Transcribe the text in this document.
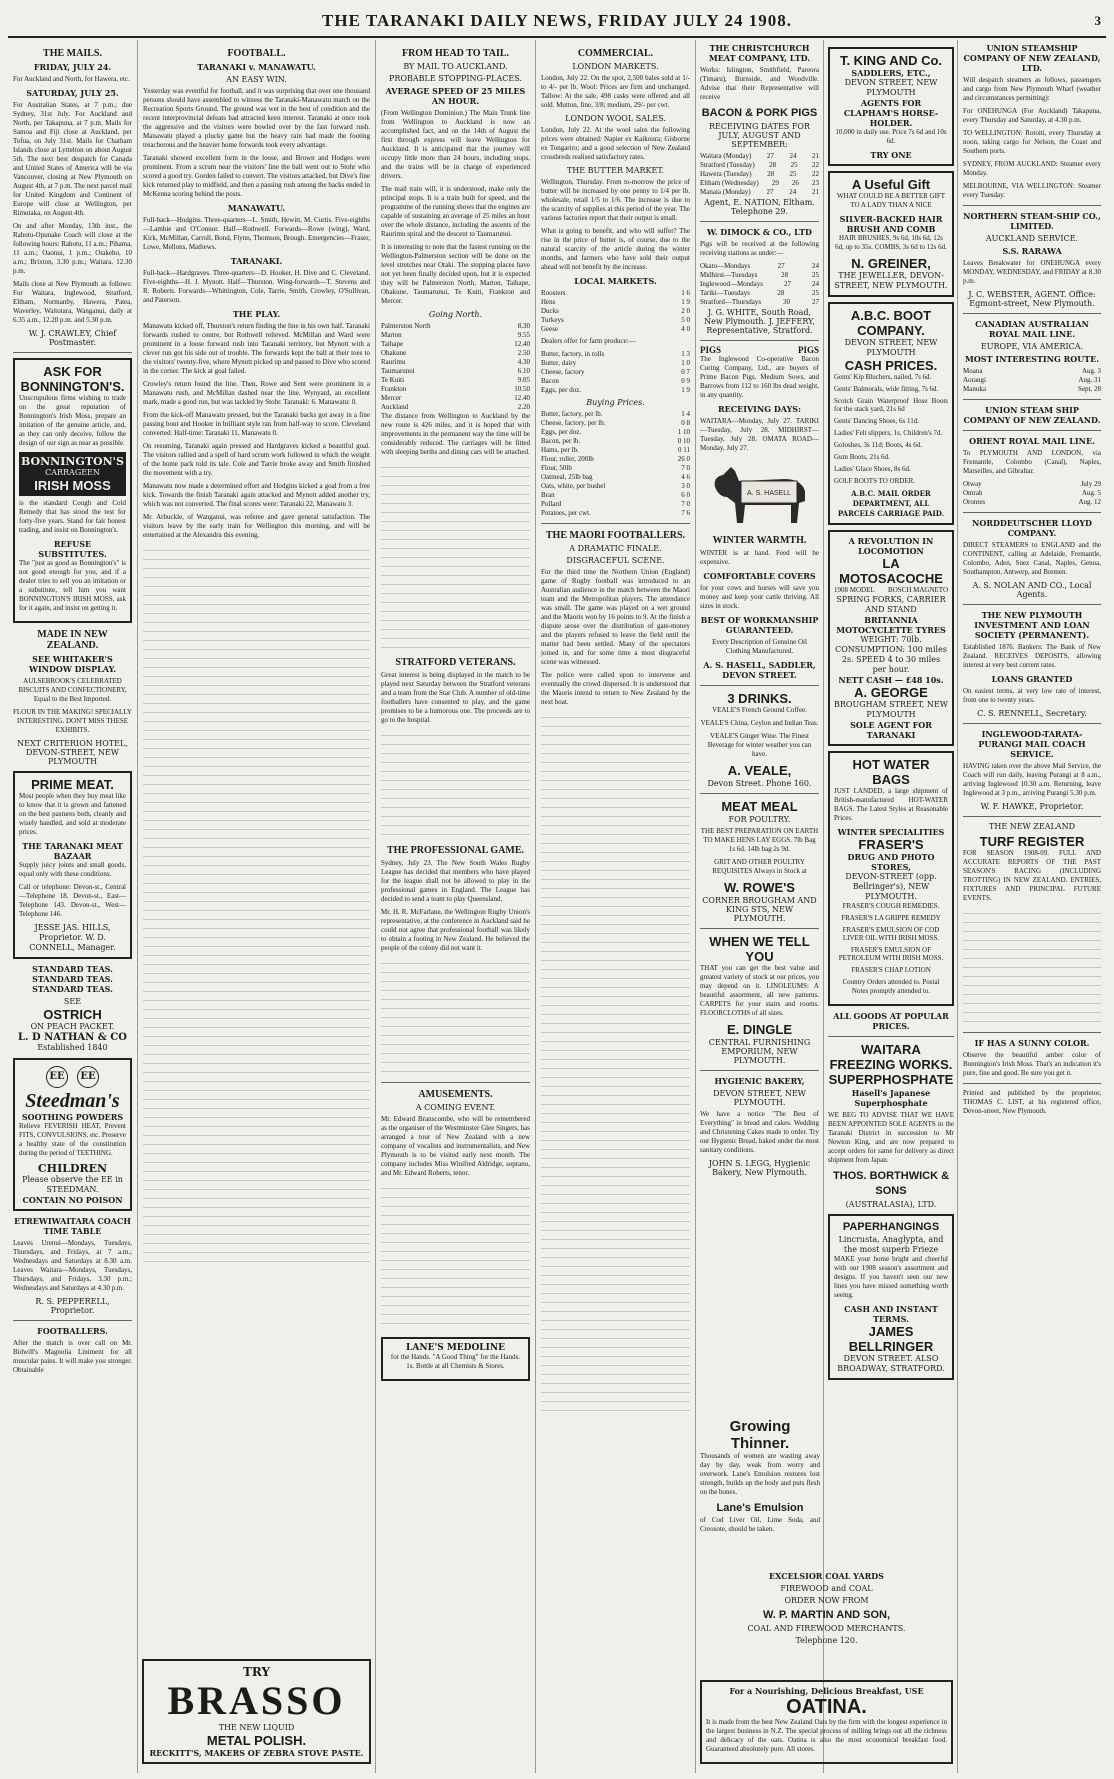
THE TARANAKI DAILY NEWS, FRIDAY JULY 24 1908.	3
THE MAILS.
FRIDAY, JULY 24.

For Auckland and North, for Hawera, etc.

SATURDAY, JULY 25.

For Australian States, at 7 p.m.; due Sydney, 31st July. For Auckland and North, per Takapuna, at 7 p.m. Mails for Samoa and Fiji close at Auckland, per Tofua, on July 31st. Mails for Chatham Islands close at Lyttelton on about August 5th. The next best despatch for Canada and United States of America will be via Vancouver, closing at New Plymouth on August 4th, at 7 p.m. The next parcel mail for United Kingdom and Continent of Europe will close at Wellington, per Rimutaka, on August 4th.

On and after Monday, 13th inst., the Rahotu-Opunake Coach will close at the following hours: Rahotu, 11 a.m.; Pihama, 11 a.m.; Oaonui, 1 p.m.; Otakeho, 10 a.m.; Brixton, 3.30 p.m.; Waitara, 12.30 p.m.

Mails close at New Plymouth as follows: For Waitara, Inglewood, Stratford, Eltham, Normanby, Hawera, Patea, Waverley, Waitotara, Wanganui, daily at 6.35 a.m., 12.20 p.m. and 5.30 p.m.

W. J. CRAWLEY, Chief Postmaster.
ASK FOR BONNINGTON'S.

Unscrupulous firms wishing to trade on the great reputation of Bonnington's Irish Moss, prepare an imitation of the genuine article, and, as they can only deceive, follow the design of our sign as near as possible.

BONNINGTON'S
CARRAGEEN
IRISH MOSS

is the standard Cough and Cold Remedy that has stood the test for forty-five years. Stand for fair honest trading, and insist on Bonnington's.

REFUSE SUBSTITUTES.

The "just as good as Bonnington's" is not good enough for you, and if a dealer tries to sell you an imitation or a substitute, tell him you want BONNINGTON'S IRISH MOSS, ask for it again, and insist on getting it.

MADE IN NEW ZEALAND.
SEE WHITAKER'S WINDOW DISPLAY.

AULSEBROOK'S CELEBRATED BISCUITS AND CONFECTIONERY, Equal to the Best Imported.

FLOUR IN THE MAKING! SPECIALLY INTERESTING. DON'T MISS THESE EXHIBITS.

NEXT CRITERION HOTEL, DEVON-STREET, NEW PLYMOUTH
PRIME MEAT.

Most people when they buy meat like to know that it is grown and fattened on the best pastures both, cleanly and wisely handled, and sold at moderate prices.

THE TARANAKI MEAT BAZAAR

Supply juicy joints and small goods, equal only with these conditions.

Call or telephone: Devon-st., Central—Telephone 18. Devon-st., East—Telephone 143. Devon-st., West—Telephone 146.

JESSE JAS. HILLS, Proprietor. W. D. CONNELL, Manager.
STANDARD TEAS. STANDARD TEAS. STANDARD TEAS.
SEE
OSTRICH
ON PEACH PACKET.
L. D NATHAN & CO
Established 1840
EE EE
Steedman's
SOOTHING POWDERS

Relieve FEVERISH HEAT, Prevent FITS, CONVULSIONS, etc. Preserve a healthy state of the constitution during the period of TEETHING.

CHILDREN
Please observe the EE in STEEDMAN.
CONTAIN NO POISON
ETREWIWAITARA COACH TIME TABLE

Leaves Urenui—Mondays, Tuesdays, Thursdays, and Fridays, at 7 a.m.; Wednesdays and Saturdays at 8.30 a.m. Leaves Waitara—Mondays, Tuesdays, Thursdays, and Fridays, 3.30 p.m.; Wednesdays and Saturdays at 4.30 p.m.

R. S. PEPPERELL, Proprietor.
FOOTBALLERS.

After the match is over call on Mr. Bidwill's Magnolia Liniment for all muscular pains. It will make you stronger. Obtainable

FOOTBALL.
TARANAKI v. MANAWATU.
AN EASY WIN.

Yesterday was eventful for football, and it was surprising that over one thousand persons should have assembled to witness the Taranaki-Manawatu match on the Recreation Sports Ground. The ground was wet in the best of condition and the recent interprovincial defeats had attracted keen interest. Taranaki at once took the aggressive and the visitors were bowled over by the fast forward rush. Manawatu played a plucky game but the heavy rain had made the footing treacherous and the heavier home forwards took every advantage.

Taranaki showed excellent form in the loose, and Brown and Hodges were prominent. From a scrum near the visitors' line the ball went out to Stohr who scored a good try. Gorden failed to convert. The visitors attacked, but Dive's fine kick returned play to midfield, and then a passing rush among the backs ended in McKenna scoring behind the posts.

MANAWATU.

Full-back—Hodgins. Three-quarters—L. Smith, Hewitt, M. Curtis. Five-eighths—Lambie and O'Connor. Half—Rothwell. Forwards—Rowe (wing), Ward, Kirk, McMillan, Carroll, Bond, Flynn, Thomson, Brough. Emergencies—Fraser, Lowe, Mellons, Mathews.

TARANAKI.

Full-back—Hardgraves. Three-quarters—D. Hooker, H. Dive and C. Cleveland. Five-eighths—H. J. Mynott. Half—Thurston. Wing-forwards—T. Stevens and R. Roberts. Forwards—Whittington, Cole, Tarrie, Smith, Crowley, O'Sullivan, and Paterson.

THE PLAY.

Manawatu kicked off, Thurston's return finding the line in his own half. Taranaki forwards rushed to centre, but Rothwell relieved. McMillan and Ward were prominent in a loose forward rush into Taranaki territory, but Mynott with a clever run got his side out of trouble. The forwards kept the ball at their toes to the visitors' twenty-five, where Mynott picked up and passed to Dive who scored in the corner. The kick at goal failed.

Crowley's return found the line. Then, Rowe and Sent were prominent in a Manawatu rush, and McMillan dashed near the line. Wynyard, an excellent mark, made a good run, but was tackled by Stohr. Taranaki: 6. Manawatu: 0.

From the kick-off Manawatu pressed, but the Taranaki backs got away in a fine passing bout and Hooker in brilliant style ran from half-way to score. Cleveland converted. Half-time: Taranaki 11, Manawatu 0.

On resuming, Taranaki again pressed and Hardgraves kicked a beautiful goal. The visitors rallied and a spell of hard scrum work followed in which the weight of the home pack told its tale. Cole and Tarrie broke away and Smith finished the movement with a try.

Manawatu now made a determined effort and Hodgins kicked a goal from a free kick. Towards the finish Taranaki again attacked and Mynott added another try, which was not converted. The final scores were: Taranaki 22, Manawatu 3.

Mr. Arbuckle, of Wanganui, was referee and gave general satisfaction. The visitors leave by the early train for Wellington this morning, and will be entertained at the Alexandra this evening.

TRY
BRASSO
THE NEW LIQUID
METAL POLISH.
RECKITT'S, MAKERS OF ZEBRA STOVE PASTE.
FROM HEAD TO TAIL.
BY MAIL TO AUCKLAND.
PROBABLE STOPPING-PLACES.
AVERAGE SPEED OF 25 MILES AN HOUR.

(From Wellington Dominion.) The Main Trunk line from Wellington to Auckland is now an accomplished fact, and on the 14th of August the first through express will leave Wellington for Auckland. It is anticipated that the journey will occupy little more than 24 hours, including stops, and the trains will be in charge of experienced drivers.

The mail train will, it is understood, make only the principal stops. It is a train built for speed, and the programme of the running shows that the engines are capable of sustaining an average of 25 miles an hour over the whole distance, including the ascents of the Raurimu spiral and the descent to Taumarunui.

It is interesting to note that the fastest running on the Wellington-Palmerston section will be done on the level stretches near Otaki. The stopping places have not yet been finally decided upon, but it is expected they will be Palmerston North, Marton, Taihape, Ohakune, Taumarunui, Te Kuiti, Frankton and Mercer.

Going North.
Palmerston North	8.30
Marton	9.55
Taihape	12.40
Ohakune	2.50
Raurimu	4.30
Taumarunui	6.10
Te Kuiti	9.05
Frankton	10.50
Mercer	12.40
Auckland	2.20

The distance from Wellington to Auckland by the new route is 426 miles, and it is hoped that with improvements in the permanent way the time will be considerably reduced. The carriages will be fitted with sleeping berths and dining cars will be attached.

STRATFORD VETERANS.

Great interest is being displayed in the match to be played next Saturday between the Stratford veterans and a team from the Star Club. A number of old-time footballers have consented to play, and the game promises to be a humorous one. The proceeds are to go to the hospital.

THE PROFESSIONAL GAME.

Sydney, July 23. The New South Wales Rugby League has decided that members who have played for the league shall not be allowed to play in the professional games in England. The League has decided to send a team to play Queensland.

Mr. H. R. McFarlane, the Wellington Rugby Union's representative, at the conference in Auckland said he could not agree that professional football was likely to obtain a footing in New Zealand. He believed the people of the colony did not want it.

AMUSEMENTS.
A COMING EVENT.

Mr. Edward Branscombe, who will be remembered as the organiser of the Westminster Glee Singers, has arranged a tour of New Zealand with a new company of vocalists and instrumentalists, and New Plymouth is to be visited early next month. The company includes Miss Winifred Aldridge, soprano, and Mr. Edward Roberts, tenor.

LANE'S MEDOLINE

for the Hands. "A Good Thing" for the Hands. 1s. Bottle at all Chemists & Stores.

COMMERCIAL.
LONDON MARKETS.

London, July 22. On the spot, 2,500 bales sold at 1/- to 4/- per lb. Wool: Prices are firm and unchanged. Tallow: At the sale, 498 casks were offered and all sold. Mutton, fine, 3/8; medium, 29/- per cwt.

LONDON WOOL SALES.

London, July 22. At the wool sales the following prices were obtained: Napier ex Kaikoura; Gisborne ex Tongariro; and a good selection of New Zealand crossbreds realised satisfactory rates.

THE BUTTER MARKET.

Wellington, Thursday. From to-morrow the price of butter will be increased by one penny to 1/4 per lb. wholesale, retail 1/5 to 1/6. The increase is due to the scarcity of supplies at this period of the year. The various factories report that their output is small.

What is going to benefit, and who will suffer? The rise in the price of butter is, of course, due to the natural scarcity of the article during the winter months, and farmers who have sold their output ahead will not benefit by the increase.

LOCAL MARKETS.
Roosters	1 6
Hens	1 9
Ducks	2 0
Turkeys	5 0
Geese	4 0

Dealers offer for farm produce:—

Butter, factory, in rolls	1 3
Butter, dairy	1 0
Cheese, factory	0 7
Bacon	0 9
Eggs, per doz.	1 9
Buying Prices.
Butter, factory, per lb.	1 4
Cheese, factory, per lb.	0 8
Eggs, per doz.	1 10
Bacon, per lb.	0 10
Hams, per lb.	0 11
Flour, roller, 200lb	26 0
Flour, 50lb	7 0
Oatmeal, 25lb bag	4 6
Oats, white, per bushel	3 0
Bran	6 0
Pollard	7 0
Potatoes, per cwt.	7 6
THE MAORI FOOTBALLERS.
A DRAMATIC FINALE.
DISGRACEFUL SCENE.

For the third time the Northern Union (England) game of Rugby football was introduced to an Australian audience in the match between the Maori team and the Metropolitan players. The attendance was small. The game was played on a wet ground and the Maoris won by 16 points to 9. At the finish a dispute arose over the distribution of gate-money and the players refused to leave the field until the matter had been settled. Many of the spectators joined in, and for some time a most disgraceful scene was witnessed.

The police were called upon to intervene and eventually the crowd dispersed. It is understood that the Maoris intend to return to New Zealand by the next boat.

THE CHRISTCHURCH MEAT COMPANY, LTD.

Works: Islington, Smithfield, Pareora (Timaru), Burnside, and Woodville. Advise that their Representative will receive

BACON & PORK PIGS
RECEIVING DATES FOR JULY, AUGUST AND SEPTEMBER:
Waitara (Monday) 27 24 21
Stratford (Tuesday) 28 25 22
Hawera (Tuesday) 28 25 22
Eltham (Wednesday) 29 26 23
Manaia (Monday) 27 24 21
Agent, E. NATION, Eltham. Telephone 29.
W. DIMOCK & CO., LTD

Pigs will be received at the following receiving stations as under:—

Okato—Mondays	27	24
Midhirst—Tuesdays	28	25
Inglewood—Mondays	27	24
Tariki—Tuesdays	28	25
Stratford—Thursdays	30	27
J. G. WHITE, South Road, New Plymouth. J. JEFFERY, Representative, Stratford.
PIGS	PIGS

The Inglewood Co-operative Bacon Curing Company, Ltd., are buyers of Prime Bacon Pigs, Medium Sows, and Barrows from 112 to 160 lbs dead weight, in any quantity.

RECEIVING DAYS:

WAITARA—Monday, July 27. TARIKI—Tuesday, July 28. MIDHIRST—Tuesday, July 28. OMATA ROAD—Monday, July 27.

A. S. HASELL
WINTER WARMTH.

WINTER is at hand. Feed will be expensive.

COMFORTABLE COVERS

for your cows and horses will save you money and keep your cattle thriving. All sizes in stock.

BEST OF WORKMANSHIP GUARANTEED.

Every Description of Genuine Oil Clothing Manufactured.

A. S. HASELL, SADDLER, DEVON STREET.
3 DRINKS.

VEALE'S French Ground Coffee.

VEALE'S China, Ceylon and Indian Teas.

VEALE'S Ginger Wine. The Finest Beverage for winter weather you can have.

A. VEALE,
Devon Street. Phone 160.
MEAT MEAL
FOR POULTRY.

THE BEST PREPARATION ON EARTH TO MAKE HENS LAY EGGS. 7lb Bag 1s 6d. 14lb bag 2s 9d.

GRIT AND OTHER POULTRY REQUISITES Always in Stock at

W. ROWE'S
CORNER BROUGHAM AND KING STS, NEW PLYMOUTH.
WHEN WE TELL YOU

THAT you can get the best value and greatest variety of stock at our prices, you may depend on it. LINOLEUMS: A beautiful assortment, all new patterns. CARPETS for your stairs and rooms. FLOORCLOTHS of all sizes.

E. DINGLE
CENTRAL FURNISHING EMPORIUM, NEW PLYMOUTH.
HYGIENIC BAKERY,
DEVON STREET, NEW PLYMOUTH.

We have a notice "The Best of Everything" in bread and cakes. Wedding and Christening Cakes made to order. Try our Hygienic Bread, baked under the most sanitary conditions.

JOHN S. LEGG, Hygienic Bakery, New Plymouth.
T. KING AND Co.
SADDLERS, ETC.,
DEVON STREET, NEW PLYMOUTH
AGENTS FOR CLAPHAM'S HORSE-HOLDER.

10,000 in daily use. Price 7s 6d and 10s 6d.

TRY ONE
A Useful Gift

WHAT COULD BE A BETTER GIFT TO A LADY THAN A NICE

SILVER-BACKED HAIR BRUSH AND COMB

HAIR BRUSHES, 9s 6d, 10s 6d, 12s 6d, up to 35s. COMBS, 3s 6d to 12s 6d.

N. GREINER,
THE JEWELLER, DEVON-STREET, NEW PLYMOUTH.
A.B.C. BOOT COMPANY.
DEVON STREET, NEW PLYMOUTH
CASH PRICES.

Gents' Kip Bluchers, nailed, 7s 6d.

Gents' Balmorals, wide fitting, 7s 6d.

Scotch Grain Waterproof Hose Boots for the stack yard, 21s 6d

Gents' Dancing Shoes, 6s 11d.

Ladies' Felt slippers, 1s. Children's 7d.

Goloshes, 3s 11d; Boots, 4s 6d.

Gum Boots, 21s 6d.

Ladies' Glace Shoes, 8s 6d.

GOLF BOOTS TO ORDER.

A.B.C. MAIL ORDER DEPARTMENT, ALL PARCELS CARRIAGE PAID.
A REVOLUTION IN LOCOMOTION
LA MOTOSACOCHE
1908 MODEL BOSCH MAGNETO
SPRING FORKS, CARRIER AND STAND
BRITANNIA MOTOCYCLETTE TYRES
WEIGHT: 70lb.
CONSUMPTION: 100 miles 2s. SPEED 4 to 30 miles per hour.
NETT CASH — £48 10s.
A. GEORGE
BROUGHAM STREET, NEW PLYMOUTH
SOLE AGENT FOR TARANAKI
HOT WATER BAGS

JUST LANDED, a large shipment of British-manufactured HOT-WATER BAGS. The Latest Styles at Reasonable Prices.

WINTER SPECIALITIES
FRASER'S
DRUG AND PHOTO STORES,
DEVON-STREET (opp. Bellringer's), NEW PLYMOUTH.

FRASER'S COUGH REMEDIES.

FRASER'S LA GRIPPE REMEDY

FRASER'S EMULSION OF COD LIVER OIL WITH IRISH MOSS.

FRASER'S EMULSION OF PETROLEUM WITH IRISH MOSS.

FRASER'S CHAP LOTION

Country Orders attended to. Postal Notes promptly attended to.

ALL GOODS AT POPULAR PRICES.
WAITARA FREEZING WORKS.
SUPERPHOSPHATE
Hasell's Japanese Superphosphate

WE BEG TO ADVISE THAT WE HAVE BEEN APPOINTED SOLE AGENTS in the Taranaki District in succession to Mr Newton King, and are now prepared to accept orders for same for delivery as direct shipment from Japan.

THOS. BORTHWICK & SONS
(AUSTRALASIA), LTD.
PAPERHANGINGS
Lincrusta, Anaglypta, and the most superb Frieze

MAKE your home bright and cheerful with our 1908 season's assortment and designs. If you haven't seen our new lines you have missed something worth seeing.

CASH AND INSTANT TERMS.
JAMES BELLRINGER
DEVON STREET. ALSO BROADWAY, STRATFORD.
For a Nourishing, Delicious Breakfast, USE
OATINA.

It is made from the best New Zealand Oats by the firm with the longest experience in the largest business in N.Z. The special process of milling brings out all the richness and delicacy of the oats. Oatina is also the most economical breakfast food. Guaranteed absolutely pure. All stores.

EXCELSIOR COAL YARDS
FIREWOOD and COAL
ORDER NOW FROM
W. P. MARTIN AND SON,
COAL AND FIREWOOD MERCHANTS.
Telephone 120.
Growing Thinner.

Thousands of women are wasting away day by day, weak from worry and overwork. Lane's Emulsion restores lost strength, builds up the body and puts flesh on the bones.

Lane's Emulsion

of Cod Liver Oil, Lime Soda, and Creosote, should be taken.

UNION STEAMSHIP COMPANY OF NEW ZEALAND, LTD.

Will despatch steamers as follows, passengers and cargo from New Plymouth Wharf (weather and circumstances permitting):

For ONEHUNGA (For Auckland) Takapuna, every Thursday and Saturday, at 4.30 p.m.

TO WELLINGTON: Rotoiti, every Thursday at noon, taking cargo for Nelson, the Coast and Southern ports.

SYDNEY, FROM AUCKLAND: Steamer every Monday.

MELBOURNE, VIA WELLINGTON: Steamer every Tuesday.

NORTHERN STEAM-SHIP CO., LIMITED.
AUCKLAND SERVICE.
S.S. RARAWA

Leaves Breakwater for ONEHUNGA every MONDAY, WEDNESDAY, and FRIDAY at 8.30 p.m.

J. C. WEBSTER, AGENT. Office: Egmont-street, New Plymouth.
CANADIAN AUSTRALIAN ROYAL MAIL LINE.
EUROPE, VIA AMERICA.
MOST INTERESTING ROUTE.
Moana	Aug. 3
Aorangi	Aug. 31
Manuka	Sept. 28
UNION STEAM SHIP COMPANY OF NEW ZEALAND.
ORIENT ROYAL MAIL LINE.

To PLYMOUTH AND LONDON, via Fremantle, Colombo (Canal), Naples, Marseilles, and Gibraltar.

Otway	July 29
Omrah	Aug. 5
Orontes	Aug. 12
NORDDEUTSCHER LLOYD COMPANY.

DIRECT STEAMERS to ENGLAND and the CONTINENT, calling at Adelaide, Fremantle, Colombo, Aden, Suez Canal, Naples, Genoa, Southampton, Antwerp, and Bremen.

A. S. NOLAN AND CO., Local Agents.
THE NEW PLYMOUTH INVESTMENT AND LOAN SOCIETY (PERMANENT).

Established 1876. Bankers: The Bank of New Zealand. RECEIVES DEPOSITS, allowing interest at very best current rates.

LOANS GRANTED

On easiest terms, at very low rate of interest, from one to twenty years.

C. S. RENNELL, Secretary.
INGLEWOOD-TARATA-PURANGI MAIL COACH SERVICE.

HAVING taken over the above Mail Service, the Coach will run daily, leaving Purangi at 8 a.m., arriving Inglewood 10.30 a.m. Returning, leave Inglewood at 3 p.m., arriving Purangi 5.30 p.m.

W. F. HAWKE, Proprietor.
THE NEW ZEALAND
TURF REGISTER

FOR SEASON 1908-09. FULL AND ACCURATE REPORTS OF THE PAST SEASON'S RACING (INCLUDING TROTTING) IN NEW ZEALAND. ENTRIES, FIXTURES AND PRINCIPAL FUTURE EVENTS.

IF HAS A SUNNY COLOR.

Observe the beautiful amber color of Bonnington's Irish Moss. That's an indication it's pure, fine and good. Be sure you get it.

Printed and published by the proprietor, THOMAS C. LIST, at his registered office, Devon-street, New Plymouth.
